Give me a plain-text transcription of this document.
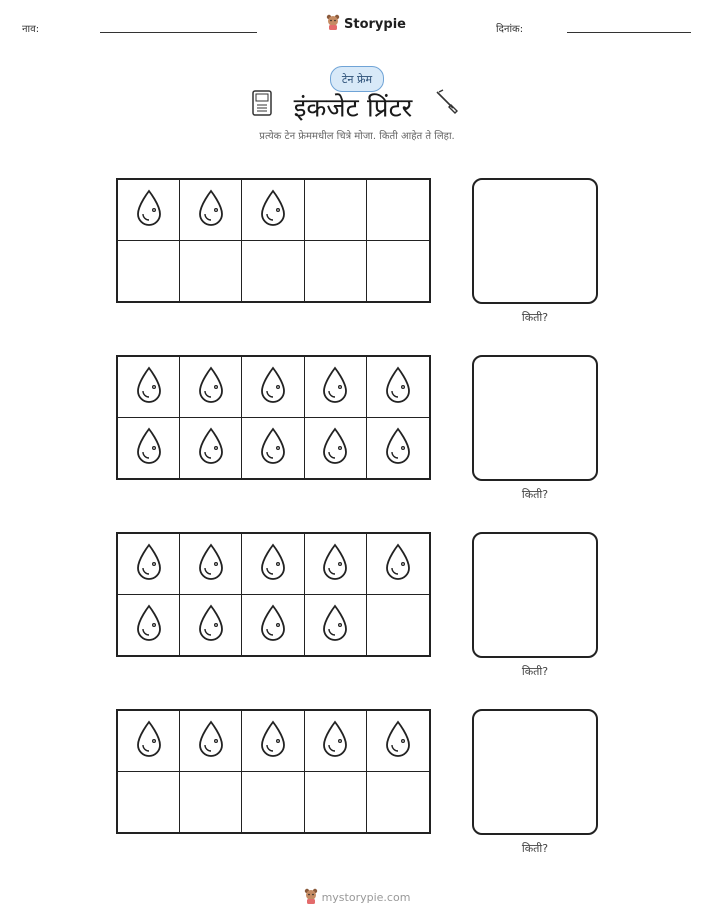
नाव:	Storypie	दिनांक:
टेन फ्रेम
इंकजेट प्रिंटर
प्रत्येक टेन फ्रेममधील चित्रे मोजा. किती आहेत ते लिहा.
किती?
किती?
किती?
किती?
mystorypie.com
